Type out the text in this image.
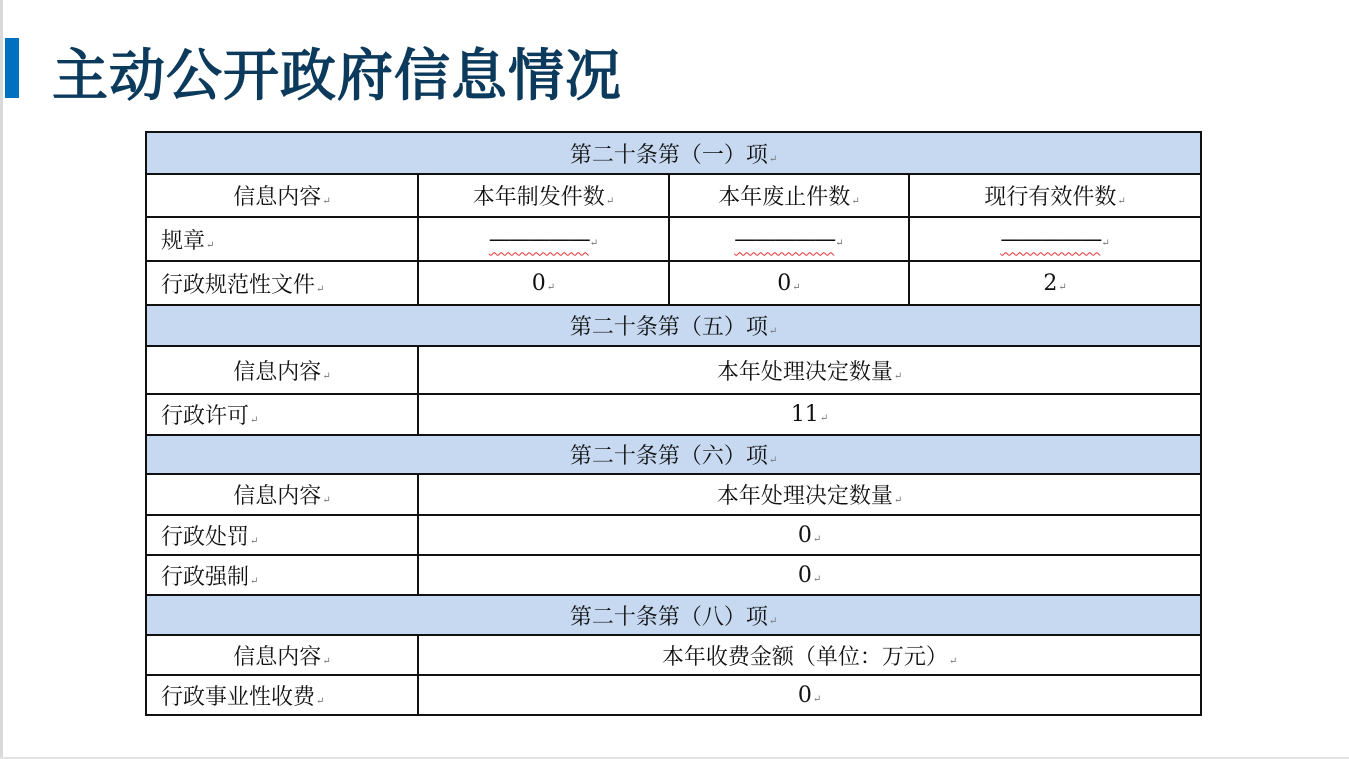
主动公开政府信息情况
第二十条第（一）项↵			
信息内容↵	本年制发件数↵	本年废止件数↵	现行有效件数↵
规章↵	—————↵	—————↵	—————↵
行政规范性文件↵	0↵	0↵	2↵
第二十条第（五）项↵			
信息内容↵	本年处理决定数量↵		
行政许可↵	11↵		
第二十条第（六）项↵			
信息内容↵	本年处理决定数量↵		
行政处罚↵	0↵		
行政强制↵	0↵		
第二十条第（八）项↵			
信息内容↵	本年收费金额（单位：万元）↵		
行政事业性收费↵	0↵		
